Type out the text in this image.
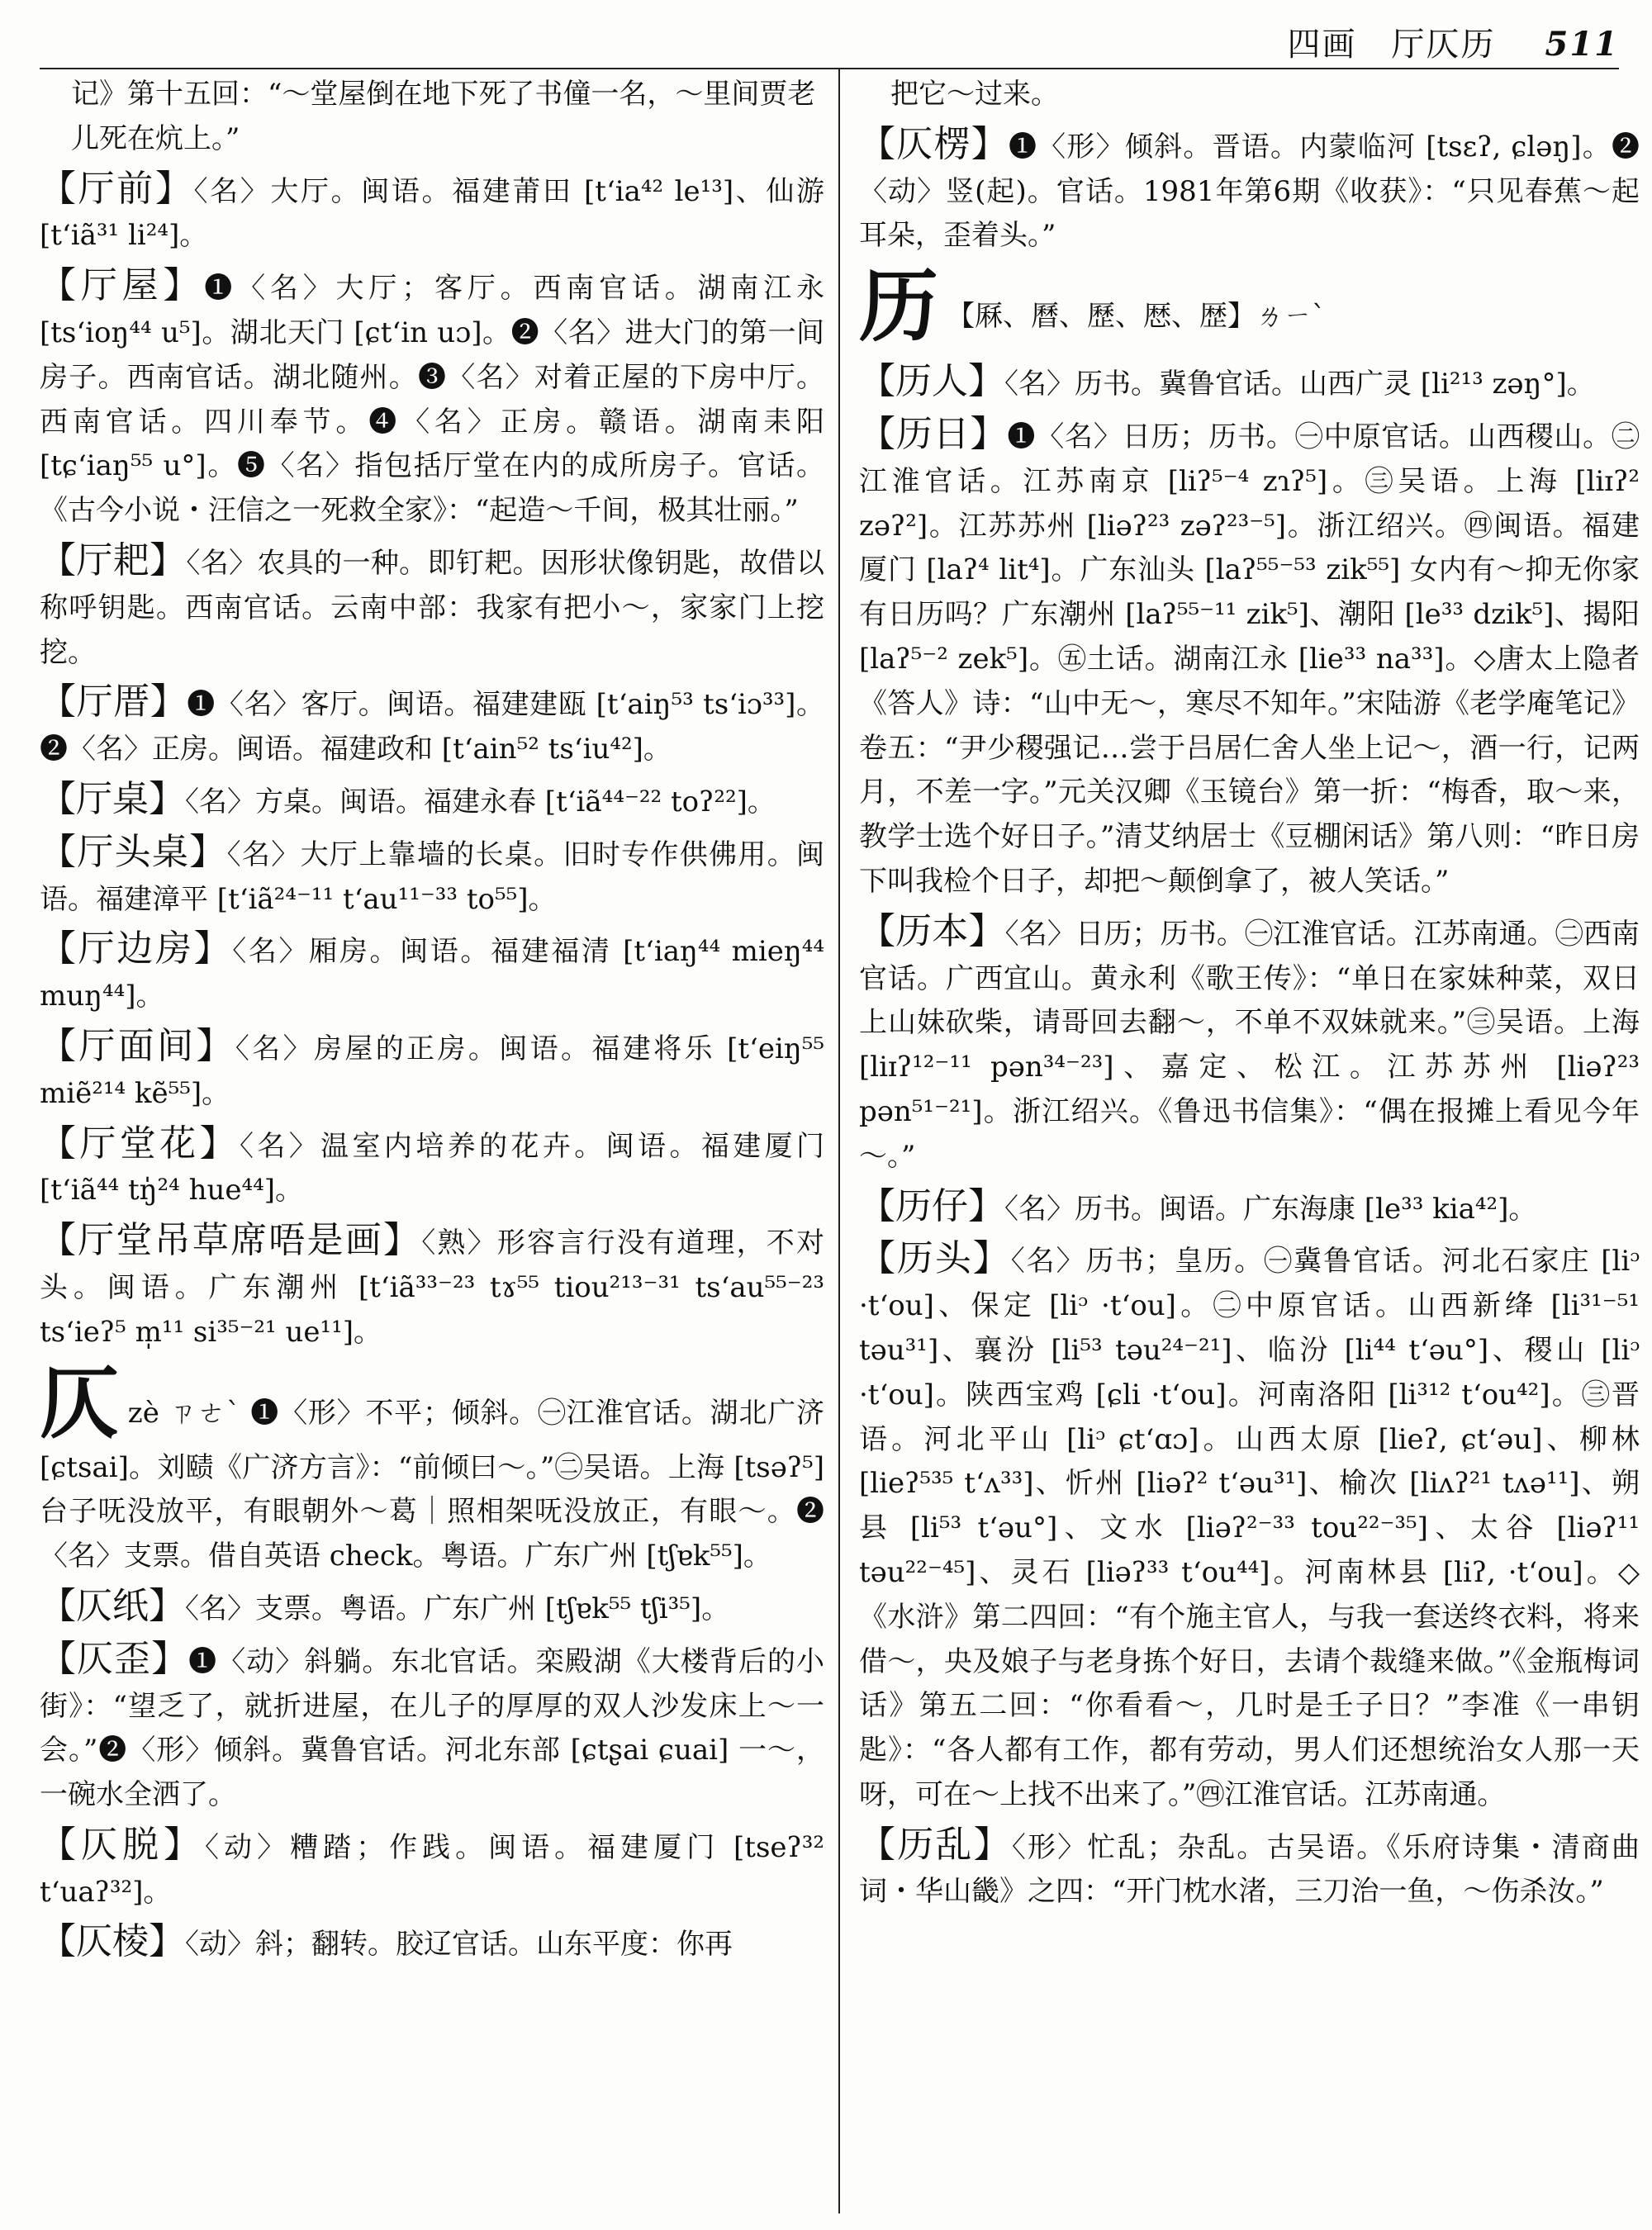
四画　厅仄历 511
记》第十五回：“～堂屋倒在地下死了书僮一名，～里间贾老儿死在炕上。”
【厅前】〈名〉大厅。闽语。福建莆田 [t‘ia⁴² le¹³]、仙游 [t‘iã³¹ li²⁴]。
【厅屋】❶〈名〉大厅；客厅。西南官话。湖南江永 [ts‘ioŋ⁴⁴ u⁵]。湖北天门 [ɕt‘in uɔ]。❷〈名〉进大门的第一间房子。西南官话。湖北随州。❸〈名〉对着正屋的下房中厅。西南官话。四川奉节。❹〈名〉正房。赣语。湖南耒阳 [tɕ‘iaŋ⁵⁵ u°]。❺〈名〉指包括厅堂在内的成所房子。官话。《古今小说・汪信之一死救全家》：“起造～千间，极其壮丽。”
【厅耙】〈名〉农具的一种。即钉耙。因形状像钥匙，故借以称呼钥匙。西南官话。云南中部：我家有把小～，家家门上挖挖。
【厅厝】❶〈名〉客厅。闽语。福建建瓯 [t‘aiŋ⁵³ ts‘iɔ³³]。❷〈名〉正房。闽语。福建政和 [t‘ain⁵² ts‘iu⁴²]。
【厅桌】〈名〉方桌。闽语。福建永春 [t‘iã⁴⁴⁻²² toʔ²²]。
【厅头桌】〈名〉大厅上靠墙的长桌。旧时专作供佛用。闽语。福建漳平 [t‘iã²⁴⁻¹¹ t‘au¹¹⁻³³ to⁵⁵]。
【厅边房】〈名〉厢房。闽语。福建福清 [t‘iaŋ⁴⁴ mieŋ⁴⁴ muŋ⁴⁴]。
【厅面间】〈名〉房屋的正房。闽语。福建将乐 [t‘eiŋ⁵⁵ miẽ²¹⁴ kẽ⁵⁵]。
【厅堂花】〈名〉温室内培养的花卉。闽语。福建厦门 [t‘iã⁴⁴ tŋ̍²⁴ hue⁴⁴]。
【厅堂吊草席唔是画】〈熟〉形容言行没有道理，不对头。闽语。广东潮州 [t‘iã³³⁻²³ tɤ⁵⁵ tiou²¹³⁻³¹ ts‘au⁵⁵⁻²³ ts‘ieʔ⁵ m̩¹¹ si³⁵⁻²¹ ue¹¹]。
仄zè ㄗㄜˋ ❶〈形〉不平；倾斜。㊀江淮官话。湖北广济 [ɕtsai]。刘赜《广济方言》：“前倾曰～。”㊁吴语。上海 [tsəʔ⁵] 台子呒没放平，有眼朝外～葛｜照相架呒没放正，有眼～。❷〈名〉支票。借自英语 check。粤语。广东广州 [tʃɐk⁵⁵]。
【仄纸】〈名〉支票。粤语。广东广州 [tʃɐk⁵⁵ tʃi³⁵]。
【仄歪】❶〈动〉斜躺。东北官话。栾殿湖《大楼背后的小街》：“望乏了，就折进屋，在儿子的厚厚的双人沙发床上～一会。”❷〈形〉倾斜。冀鲁官话。河北东部 [ɕtʂai ɕuai] 一～，一碗水全洒了。
【仄脱】〈动〉糟踏；作践。闽语。福建厦门 [tseʔ³² t‘uaʔ³²]。
【仄棱】〈动〉斜；翻转。胶辽官话。山东平度：你再
把它～过来。
【仄楞】❶〈形〉倾斜。晋语。内蒙临河 [tsɛʔ, ɕləŋ]。❷〈动〉竖(起)。官话。1981年第6期《收获》：“只见春蕉～起耳朵，歪着头。”
历 【厤、曆、歷、厯、歴】ㄌㄧˋ
【历人】〈名〉历书。冀鲁官话。山西广灵 [li²¹³ zəŋ°]。
【历日】❶〈名〉日历；历书。㊀中原官话。山西稷山。㊁江淮官话。江苏南京 [liʔ⁵⁻⁴ zɿʔ⁵]。㊂吴语。上海 [liɪʔ² zəʔ²]。江苏苏州 [liəʔ²³ zəʔ²³⁻⁵]。浙江绍兴。㊃闽语。福建厦门 [laʔ⁴ lit⁴]。广东汕头 [laʔ⁵⁵⁻⁵³ zik⁵⁵] 女内有～抑无你家有日历吗？广东潮州 [laʔ⁵⁵⁻¹¹ zik⁵]、潮阳 [le³³ dzik⁵]、揭阳 [laʔ⁵⁻² zek⁵]。㊄土话。湖南江永 [lie³³ na³³]。◇唐太上隐者《答人》诗：“山中无～，寒尽不知年。”宋陆游《老学庵笔记》卷五：“尹少稷强记…尝于吕居仁舍人坐上记～，酒一行，记两月，不差一字。”元关汉卿《玉镜台》第一折：“梅香，取～来，教学士选个好日子。”清艾纳居士《豆棚闲话》第八则：“昨日房下叫我检个日子，却把～颠倒拿了，被人笑话。”
【历本】〈名〉日历；历书。㊀江淮官话。江苏南通。㊁西南官话。广西宜山。黄永利《歌王传》：“单日在家妹种菜，双日上山妹砍柴，请哥回去翻～，不单不双妹就来。”㊂吴语。上海 [liɪʔ¹²⁻¹¹ pən³⁴⁻²³]、嘉定、松江。江苏苏州 [liəʔ²³ pən⁵¹⁻²¹]。浙江绍兴。《鲁迅书信集》：“偶在报摊上看见今年～。”
【历仔】〈名〉历书。闽语。广东海康 [le³³ kia⁴²]。
【历头】〈名〉历书；皇历。㊀冀鲁官话。河北石家庄 [liᵓ ·t‘ou]、保定 [liᵓ ·t‘ou]。㊁中原官话。山西新绛 [li³¹⁻⁵¹ təu³¹]、襄汾 [li⁵³ təu²⁴⁻²¹]、临汾 [li⁴⁴ t‘əu°]、稷山 [liᵓ ·t‘ou]。陕西宝鸡 [ɕli ·t‘ou]。河南洛阳 [li³¹² t‘ou⁴²]。㊂晋语。河北平山 [liᵓ ɕt‘ɑɔ]。山西太原 [lieʔ, ɕt‘əu]、柳林 [lieʔ⁵³⁵ t‘ʌ³³]、忻州 [liəʔ² t‘əu³¹]、榆次 [liʌʔ²¹ tʌə¹¹]、朔县 [li⁵³ t‘əu°]、文水 [liəʔ²⁻³³ tou²²⁻³⁵]、太谷 [liəʔ¹¹ təu²²⁻⁴⁵]、灵石 [liəʔ³³ t‘ou⁴⁴]。河南林县 [liʔ, ·t‘ou]。◇《水浒》第二四回：“有个施主官人，与我一套送终衣料，将来借～，央及娘子与老身拣个好日，去请个裁缝来做。”《金瓶梅词话》第五二回：“你看看～，几时是壬子日？”李准《一串钥匙》：“各人都有工作，都有劳动，男人们还想统治女人那一天呀，可在～上找不出来了。”㊃江淮官话。江苏南通。
【历乱】〈形〉忙乱；杂乱。古吴语。《乐府诗集・清商曲词・华山畿》之四：“开门枕水渚，三刀治一鱼，～伤杀汝。”
